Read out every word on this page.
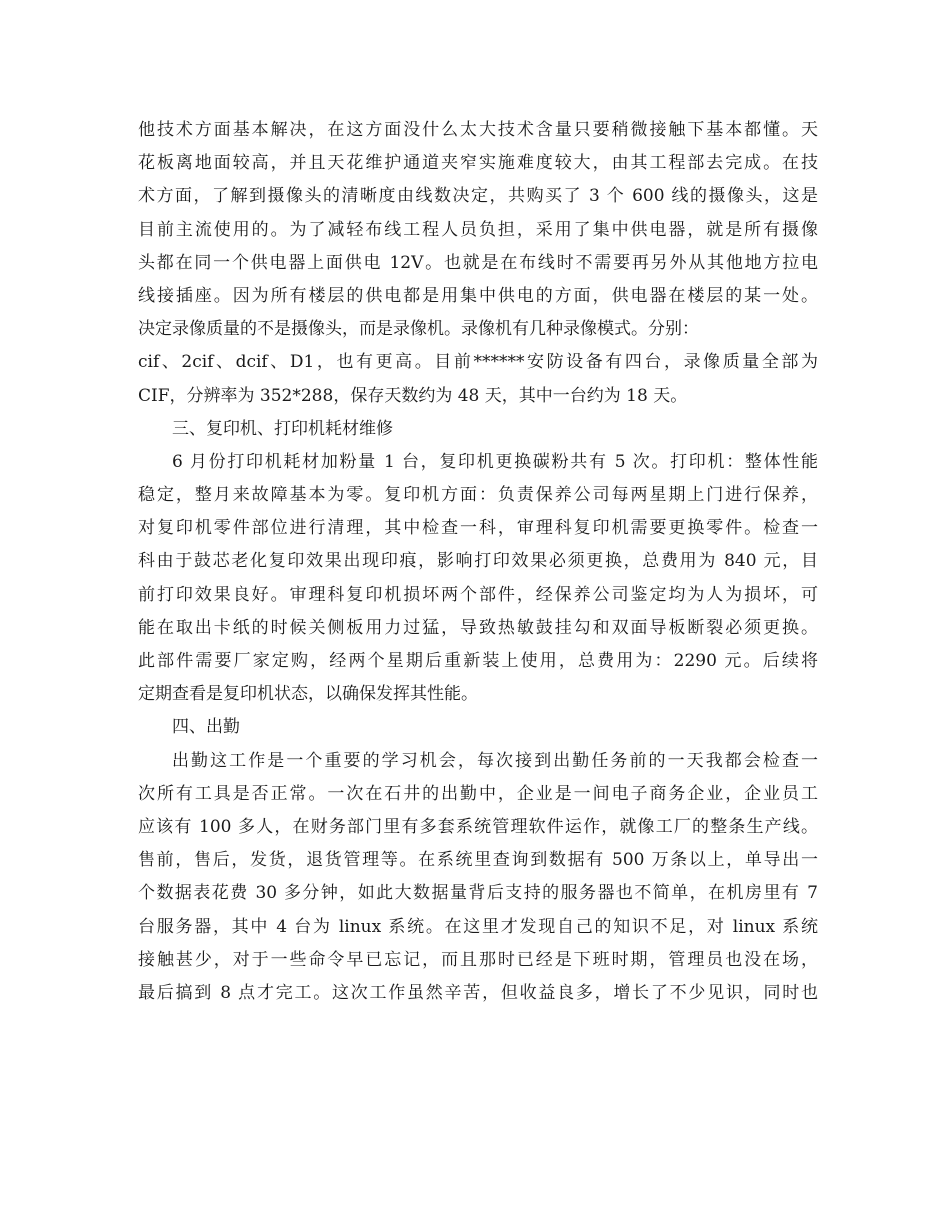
他技术方面基本解决，在这方面没什么太大技术含量只要稍微接触下基本都懂。天
花板离地面较高，并且天花维护通道夹窄实施难度较大，由其工程部去完成。在技
术方面，了解到摄像头的清晰度由线数决定，共购买了 3 个 600 线的摄像头，这是
目前主流使用的。为了减轻布线工程人员负担，采用了集中供电器，就是所有摄像
头都在同一个供电器上面供电 12V。也就是在布线时不需要再另外从其他地方拉电
线接插座。因为所有楼层的供电都是用集中供电的方面，供电器在楼层的某一处。
决定录像质量的不是摄像头，而是录像机。录像机有几种录像模式。分别：
cif、2cif、dcif、D1，也有更高。目前******安防设备有四台，录像质量全部为
CIF，分辨率为 352*288，保存天数约为 48 天，其中一台约为 18 天。
三、复印机、打印机耗材维修
6 月份打印机耗材加粉量 1 台，复印机更换碳粉共有 5 次。打印机：整体性能
稳定，整月来故障基本为零。复印机方面：负责保养公司每两星期上门进行保养，
对复印机零件部位进行清理，其中检查一科，审理科复印机需要更换零件。检查一
科由于鼓芯老化复印效果出现印痕，影响打印效果必须更换，总费用为 840 元，目
前打印效果良好。审理科复印机损坏两个部件，经保养公司鉴定均为人为损坏，可
能在取出卡纸的时候关侧板用力过猛，导致热敏鼓挂勾和双面导板断裂必须更换。
此部件需要厂家定购，经两个星期后重新装上使用，总费用为：2290 元。后续将
定期查看是复印机状态，以确保发挥其性能。
四、出勤
出勤这工作是一个重要的学习机会，每次接到出勤任务前的一天我都会检查一
次所有工具是否正常。一次在石井的出勤中，企业是一间电子商务企业，企业员工
应该有 100 多人，在财务部门里有多套系统管理软件运作，就像工厂的整条生产线。
售前，售后，发货，退货管理等。在系统里查询到数据有 500 万条以上，单导出一
个数据表花费 30 多分钟，如此大数据量背后支持的服务器也不简单，在机房里有 7
台服务器，其中 4 台为 linux 系统。在这里才发现自己的知识不足，对 linux 系统
接触甚少，对于一些命令早已忘记，而且那时已经是下班时期，管理员也没在场，
最后搞到 8 点才完工。这次工作虽然辛苦，但收益良多，增长了不少见识，同时也
